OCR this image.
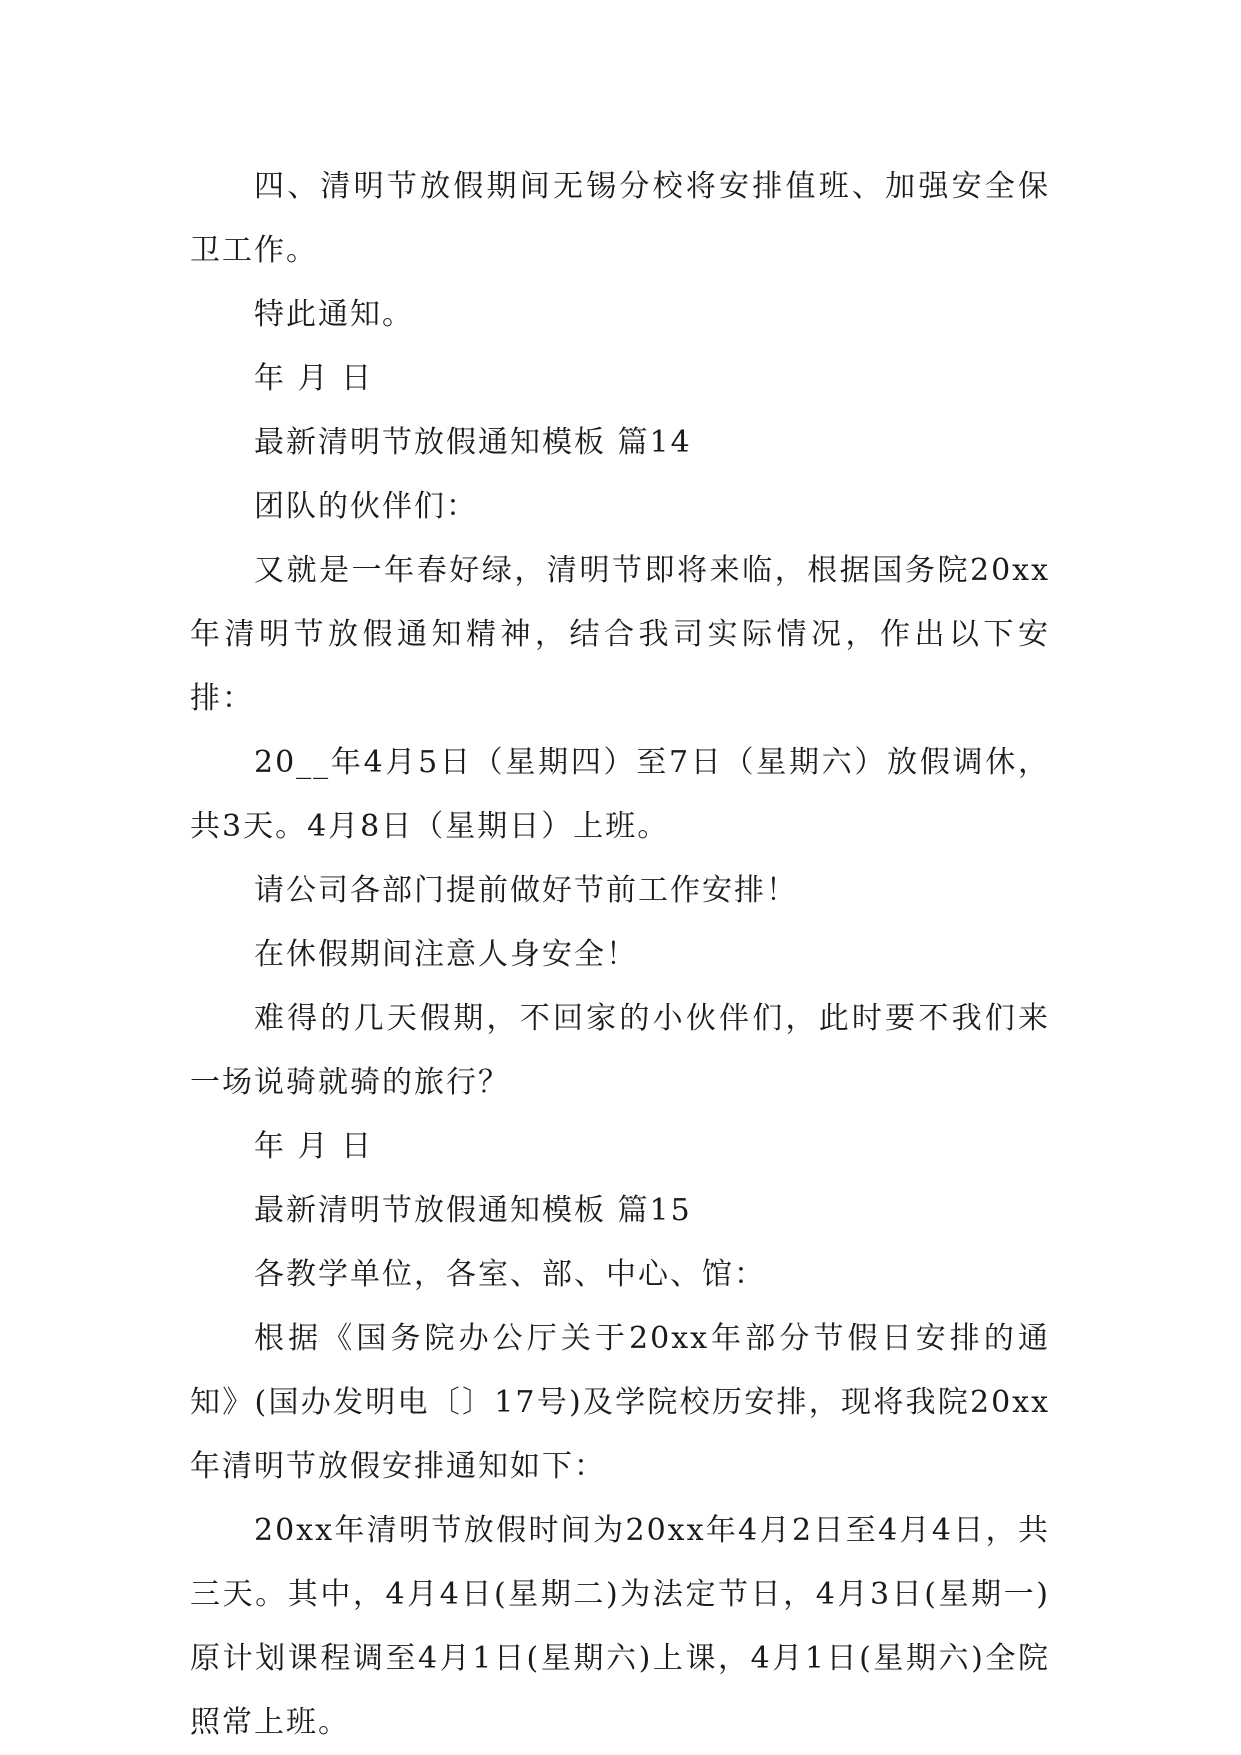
四、清明节放假期间无锡分校将安排值班、加强安全保卫工作。

特此通知。

年 月 日

最新清明节放假通知模板 篇14

团队的伙伴们：

又就是一年春好绿，清明节即将来临，根据国务院20xx年清明节放假通知精神，结合我司实际情况，作出以下安排：

20__年4月5日（星期四）至7日（星期六）放假调休，共3天。4月8日（星期日）上班。

请公司各部门提前做好节前工作安排！

在休假期间注意人身安全！

难得的几天假期，不回家的小伙伴们，此时要不我们来一场说骑就骑的旅行？

年 月 日

最新清明节放假通知模板 篇15

各教学单位，各室、部、中心、馆：

根据《国务院办公厅关于20xx年部分节假日安排的通知》(国办发明电〔〕17号)及学院校历安排，现将我院20xx年清明节放假安排通知如下：

20xx年清明节放假时间为20xx年4月2日至4月4日，共三天。其中，4月4日(星期二)为法定节日，4月3日(星期一)原计划课程调至4月1日(星期六)上课，4月1日(星期六)全院照常上班。
